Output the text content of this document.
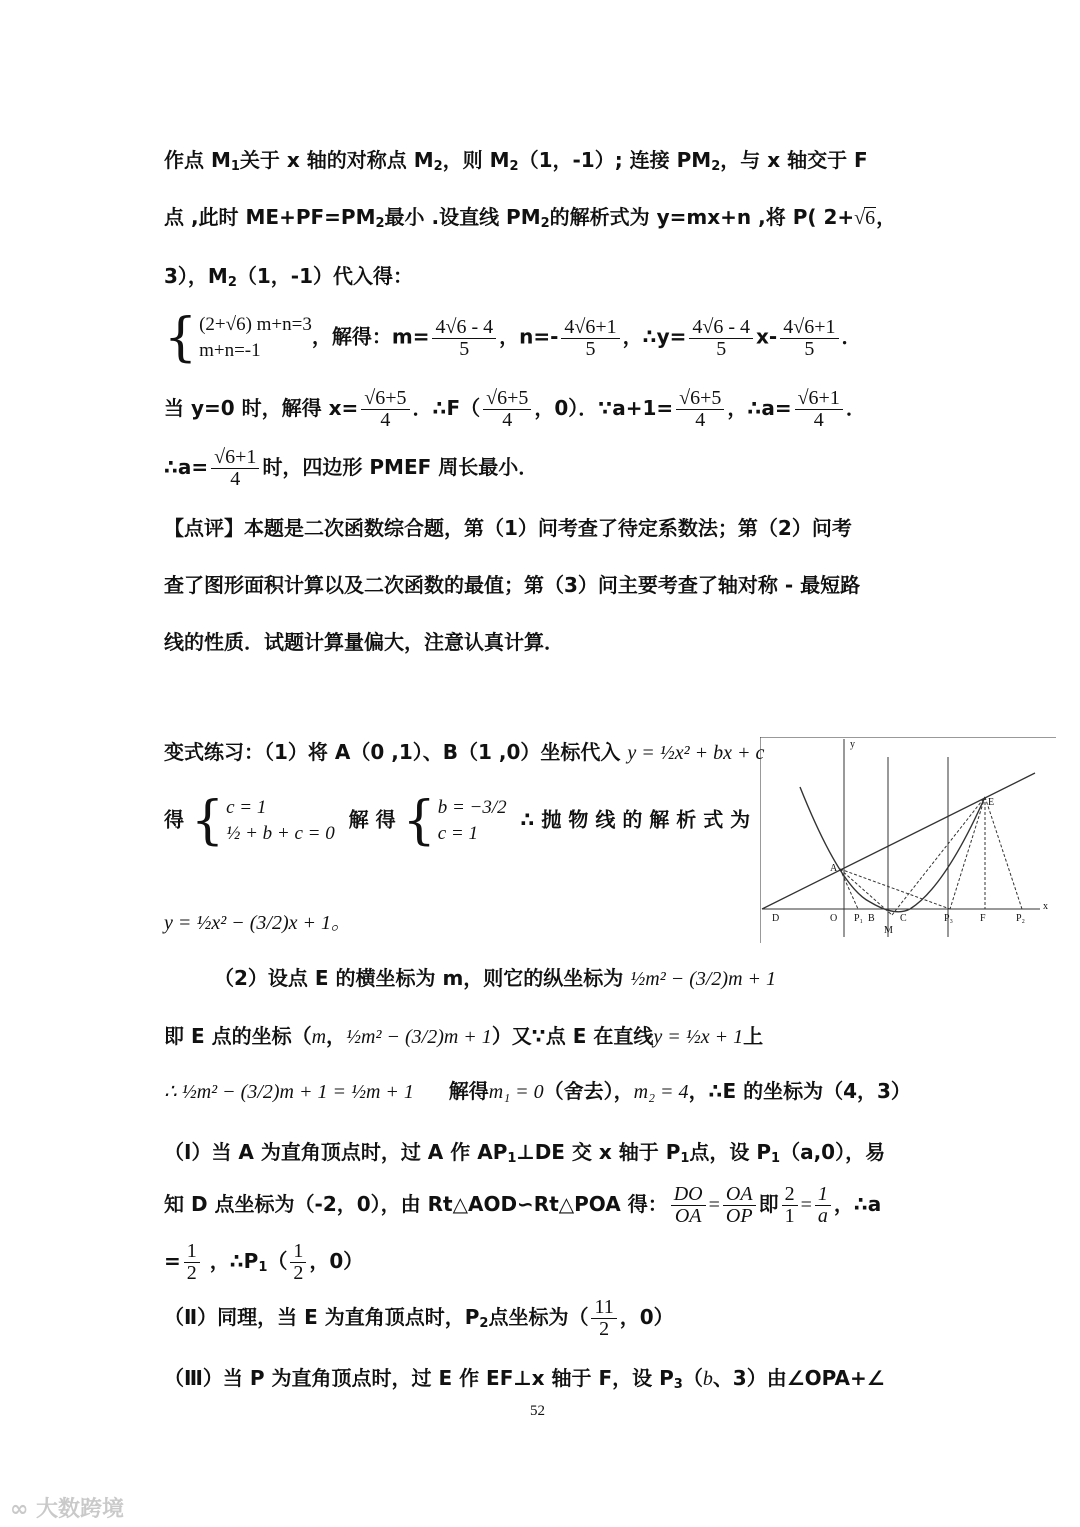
作点 $M_1$关于 x 轴的对称点 $M_2$，则 $M_2(1$，-1）; 连接 $PM_2$，与 x 轴交于 F
点 ,此时 $ME+PF=PM_2$最小 .设直线 $PM_2$的解析式为 y=mx+n ,将 P( 2+√6，
3），$M_2(1$，-1）代入得：
{ (2+√6) m+n=3
m+n=-1
，解得：$m= \frac{4√6 - 4}{5}$ ，$n=- \frac{4√6+1}{5}$ ，∴y= $\frac{4√6 - 4}{5} x- \frac{4√6+1}{5}$ ．
当 y=0 时，解得 $x= \frac{√6+5}{4}$ ．∴F（ $\frac{√6+5}{4}$ ，0）．∵a+1= $\frac{√6+5}{4}$ ，∴a= $\frac{√6+1}{4}$ ．
∴a= $\frac{√6+1}{4}$ 时，四边形 PMEF 周长最小．
【点评】本题是二次函数综合题，第（1）问考查了待定系数法；第（2）问考
查了图形面积计算以及二次函数的最值；第（3）问主要考查了轴对称 - 最短路
线的性质．试题计算量偏大，注意认真计算．
变式练习：（1）将 A（0 ,1）、B（1 ,0）坐标代入 y = ½x² + bx + c
得 { c = 1
½ + b + c = 0
解 得 { b = −3/2
c = 1
∴ 抛 物 线 的 解 析 式 为
y = ½x² − (3/2)x + 1。
（2）设点 E 的横坐标为 m，则它的纵坐标为 ½m² − (3/2)m + 1
即 E 点的坐标（m，½m² − (3/2)m + 1）又∵点 E 在直线y = ½x + 1上
∴ ½m² − (3/2)m + 1 = ½m + 1 解得m₁ = 0（舍去），m₂ = 4，∴E 的坐标为（4，3）
（Ⅰ）当 A 为直角顶点时，过 A 作 $AP_1\perp DE$ 交 x 轴于 $P_1$点，设 $P_1(a,0)$，易
知 D 点坐标为（-2，0），由 Rt△AOD∽Rt△POA 得： $\frac{DO}{OA} = \frac{OA}{OP}$ 即 $\frac{2}{1} = \frac{1}{a}$ ，∴a
= $\frac{1}{2}$ ，$\therefore P_1( \frac{1}{2}$ ，0）
（Ⅱ）同理，当 E 为直角顶点时，$P_2$点坐标为（ $\frac{11}{2}$ ，0）
（Ⅲ）当 P 为直角顶点时，过 E 作 EF⊥x 轴于 F，设 $P_3(b$、3）由∠OPA+∠
y
x
E
A
D	O P₁ B	C
M
P₃	F	P₂
52
∞ 大数跨境
